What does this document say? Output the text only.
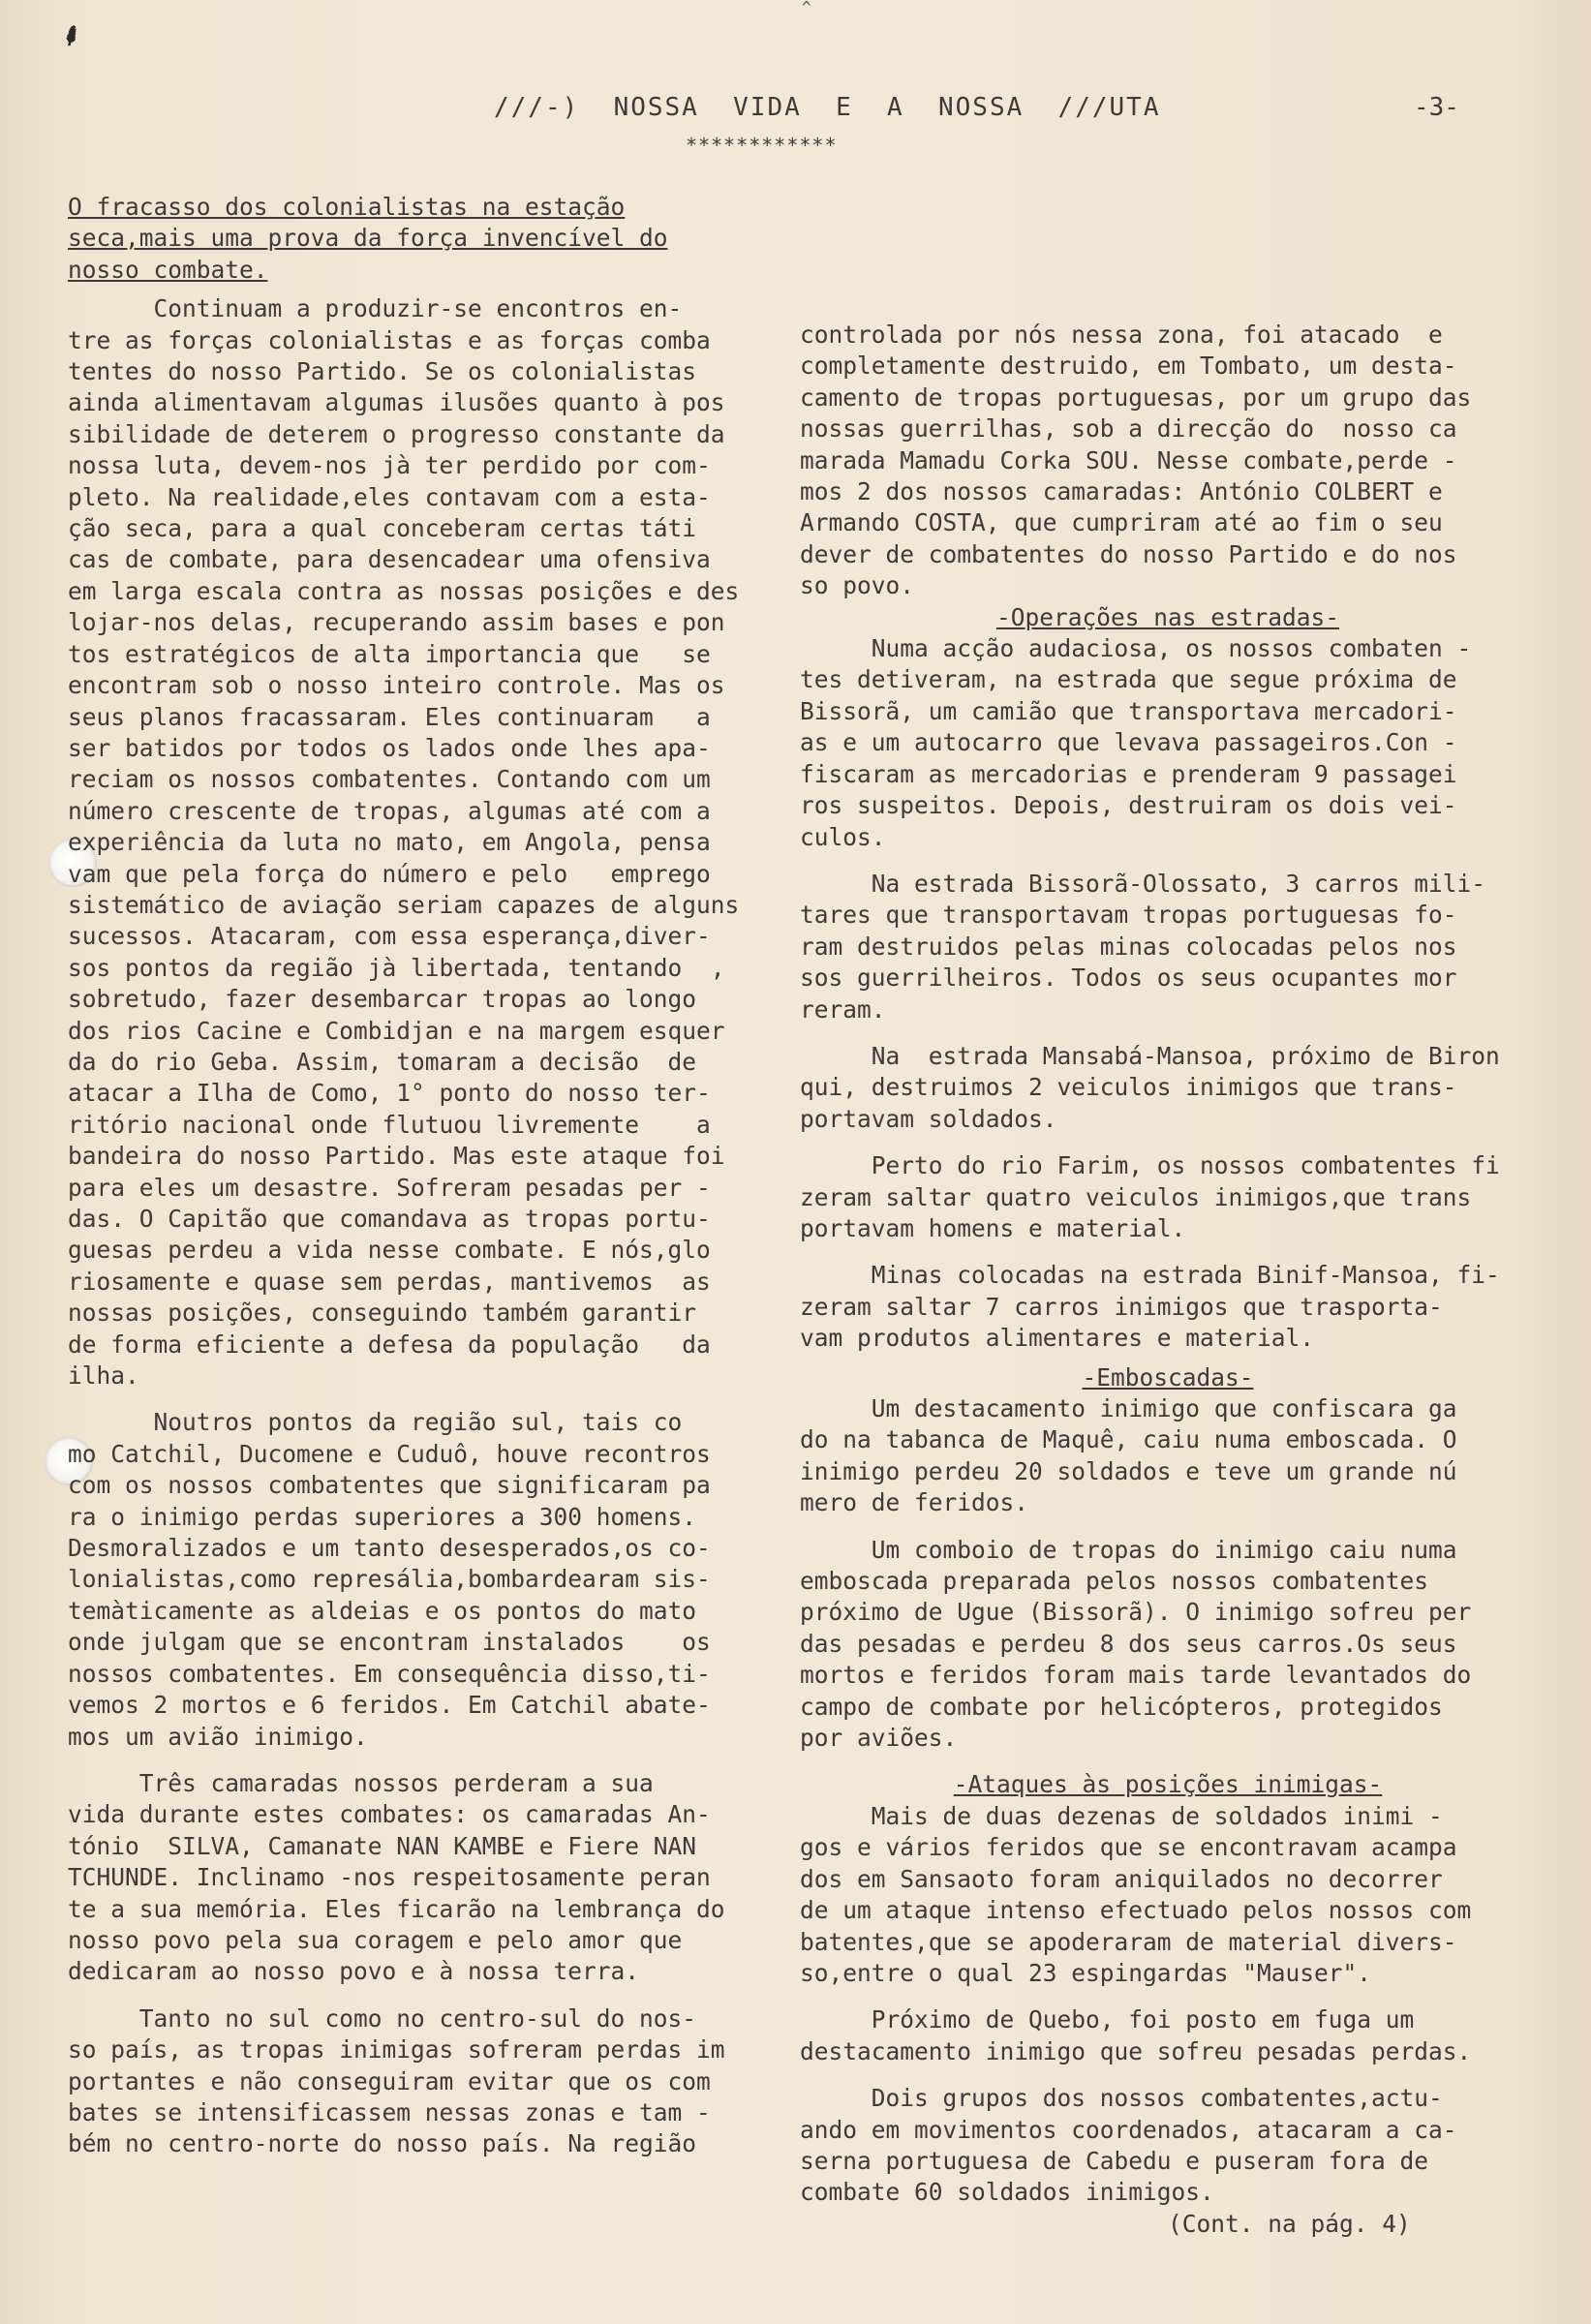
⸙
^
///-)  NOSSA  VIDA  E  A  NOSSA  ///UTA	-3-
************

O fracasso dos colonialistas na estação

seca,mais uma prova da força invencível do

nosso combate.

Continuam a produzir-se encontros en-

tre as forças colonialistas e as forças comba

tentes do nosso Partido. Se os colonialistas

ainda alimentavam algumas ilusões quanto à pos

sibilidade de deterem o progresso constante da

nossa luta, devem-nos jà ter perdido por com-

pleto. Na realidade,eles contavam com a esta-

ção seca, para a qual conceberam certas táti

cas de combate, para desencadear uma ofensiva

em larga escala contra as nossas posições e des

lojar-nos delas, recuperando assim bases e pon

tos estratégicos de alta importancia que   se

encontram sob o nosso inteiro controle. Mas os

seus planos fracassaram. Eles continuaram   a

ser batidos por todos os lados onde lhes apa-

reciam os nossos combatentes. Contando com um

número crescente de tropas, algumas até com a

experiência da luta no mato, em Angola, pensa

vam que pela força do número e pelo   emprego

sistemático de aviação seriam capazes de alguns

sucessos. Atacaram, com essa esperança,diver-

sos pontos da região jà libertada, tentando  ,

sobretudo, fazer desembarcar tropas ao longo

dos rios Cacine e Combidjan e na margem esquer

da do rio Geba. Assim, tomaram a decisão  de

atacar a Ilha de Como, 1° ponto do nosso ter-

ritório nacional onde flutuou livremente    a

bandeira do nosso Partido. Mas este ataque foi

para eles um desastre. Sofreram pesadas per -

das. O Capitão que comandava as tropas portu-

guesas perdeu a vida nesse combate. E nós,glo

riosamente e quase sem perdas, mantivemos  as

nossas posições, conseguindo também garantir

de forma eficiente a defesa da população   da

ilha.

Noutros pontos da região sul, tais co

mo Catchil, Ducomene e Cuduô, houve recontros

com os nossos combatentes que significaram pa

ra o inimigo perdas superiores a 300 homens.

Desmoralizados e um tanto desesperados,os co-

lonialistas,como represália,bombardearam sis-

temàticamente as aldeias e os pontos do mato

onde julgam que se encontram instalados    os

nossos combatentes. Em consequência disso,ti-

vemos 2 mortos e 6 feridos. Em Catchil abate-

mos um avião inimigo.

Três camaradas nossos perderam a sua

vida durante estes combates: os camaradas An-

tónio  SILVA, Camanate NAN KAMBE e Fiere NAN

TCHUNDE. Inclinamo -nos respeitosamente peran

te a sua memória. Eles ficarão na lembrança do

nosso povo pela sua coragem e pelo amor que

dedicaram ao nosso povo e à nossa terra.

Tanto no sul como no centro-sul do nos-

so país, as tropas inimigas sofreram perdas im

portantes e não conseguiram evitar que os com

bates se intensificassem nessas zonas e tam -

bém no centro-norte do nosso país. Na região

controlada por nós nessa zona, foi atacado  e

completamente destruido, em Tombato, um desta-

camento de tropas portuguesas, por um grupo das

nossas guerrilhas, sob a direcção do  nosso ca

marada Mamadu Corka SOU. Nesse combate,perde -

mos 2 dos nossos camaradas: António COLBERT e

Armando COSTA, que cumpriram até ao fim o seu

dever de combatentes do nosso Partido e do nos

so povo.

-Operações nas estradas-

Numa acção audaciosa, os nossos combaten -

tes detiveram, na estrada que segue próxima de

Bissorã, um camião que transportava mercadori-

as e um autocarro que levava passageiros.Con -

fiscaram as mercadorias e prenderam 9 passagei

ros suspeitos. Depois, destruiram os dois vei-

culos.

Na estrada Bissorã-Olossato, 3 carros mili-

tares que transportavam tropas portuguesas fo-

ram destruidos pelas minas colocadas pelos nos

sos guerrilheiros. Todos os seus ocupantes mor

reram.

Na  estrada Mansabá-Mansoa, próximo de Biron

qui, destruimos 2 veiculos inimigos que trans-

portavam soldados.

Perto do rio Farim, os nossos combatentes fi

zeram saltar quatro veiculos inimigos,que trans

portavam homens e material.

Minas colocadas na estrada Binif-Mansoa, fi-

zeram saltar 7 carros inimigos que trasporta-

vam produtos alimentares e material.

-Emboscadas-

Um destacamento inimigo que confiscara ga

do na tabanca de Maquê, caiu numa emboscada. O

inimigo perdeu 20 soldados e teve um grande nú

mero de feridos.

Um comboio de tropas do inimigo caiu numa

emboscada preparada pelos nossos combatentes

próximo de Ugue (Bissorã). O inimigo sofreu per

das pesadas e perdeu 8 dos seus carros.Os seus

mortos e feridos foram mais tarde levantados do

campo de combate por helicópteros, protegidos

por aviões.

-Ataques às posições inimigas-

Mais de duas dezenas de soldados inimi -

gos e vários feridos que se encontravam acampa

dos em Sansaoto foram aniquilados no decorrer

de um ataque intenso efectuado pelos nossos com

batentes,que se apoderaram de material divers-

so,entre o qual 23 espingardas "Mauser".

Próximo de Quebo, foi posto em fuga um

destacamento inimigo que sofreu pesadas perdas.

Dois grupos dos nossos combatentes,actu-

ando em movimentos coordenados, atacaram a ca-

serna portuguesa de Cabedu e puseram fora de

combate 60 soldados inimigos.

(Cont. na pág. 4)
